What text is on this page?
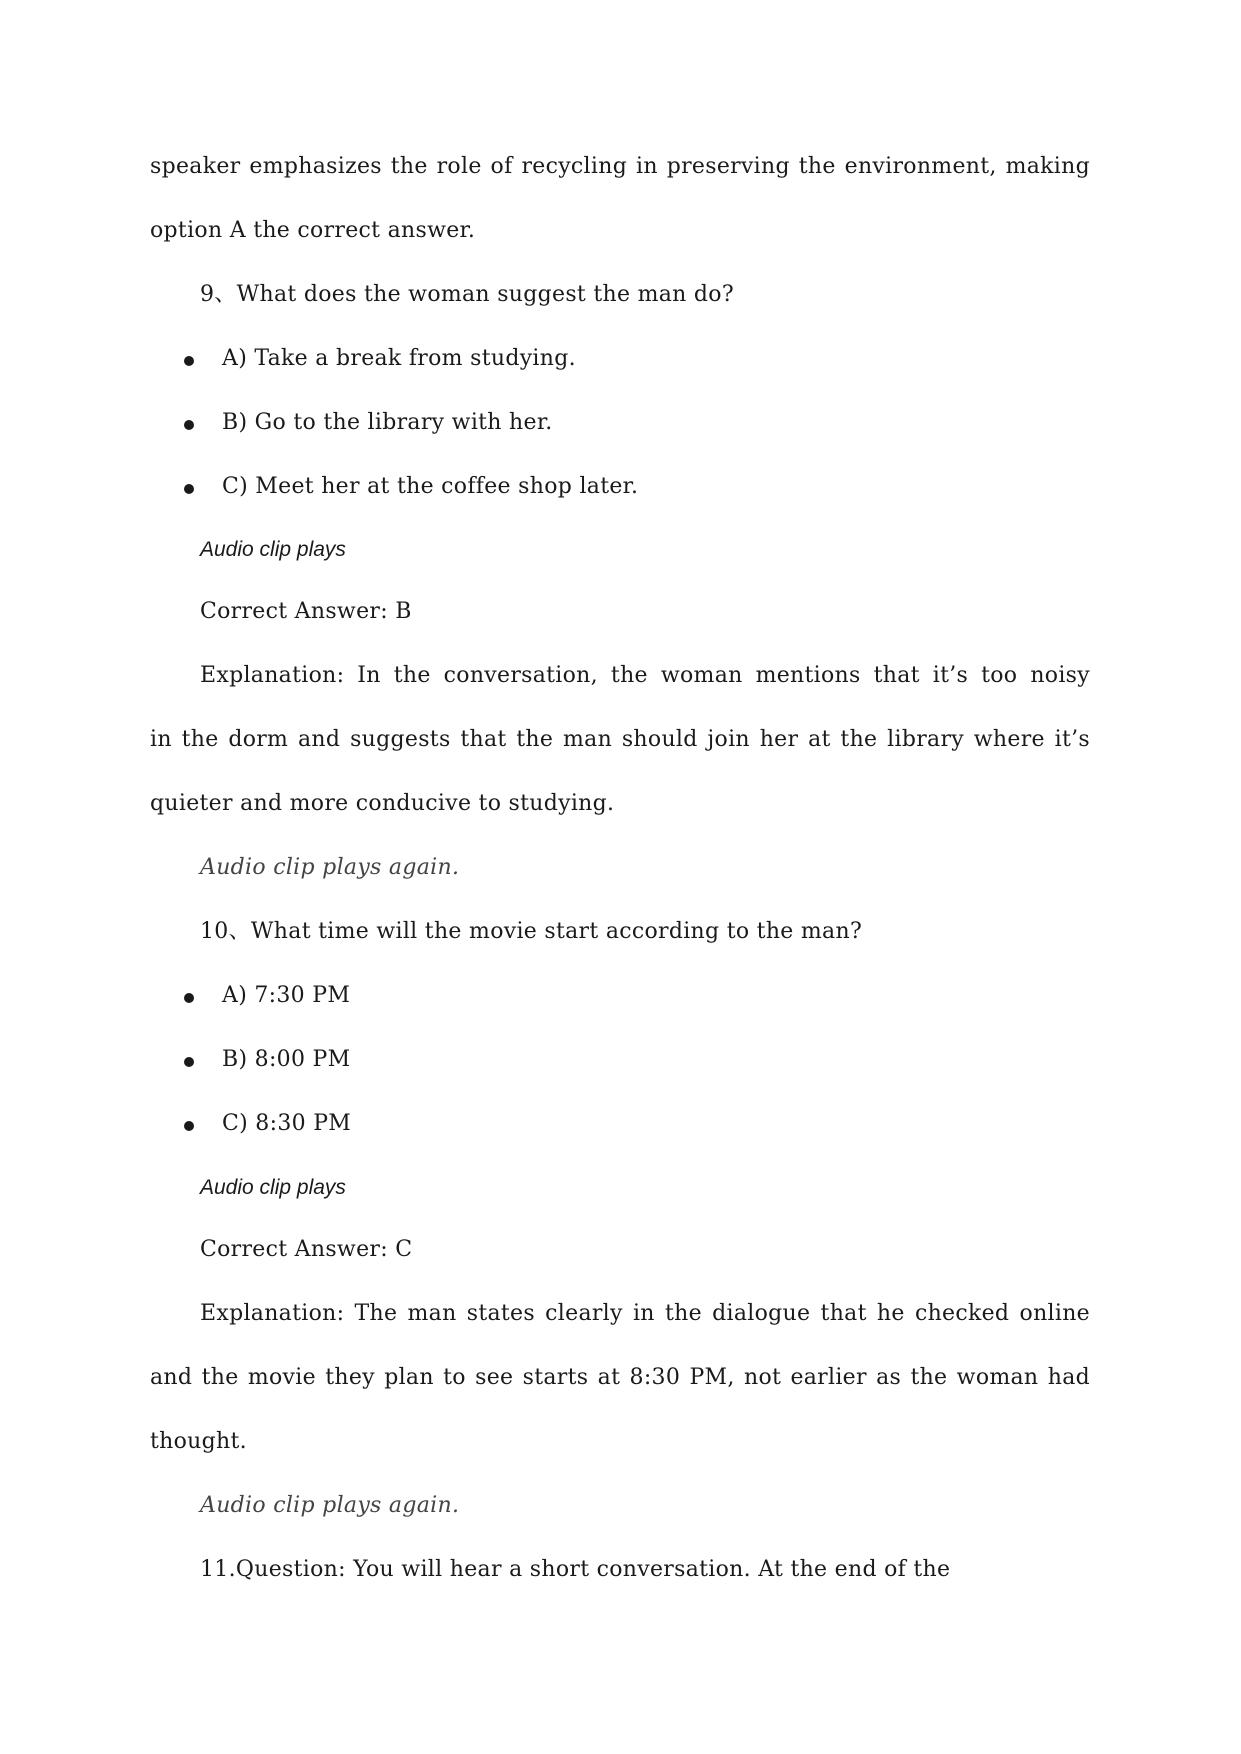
speaker emphasizes the role of recycling in preserving the environment, making
option A the correct answer.
9、What does the woman suggest the man do?
A) Take a break from studying.
B) Go to the library with her.
C) Meet her at the coffee shop later.
Audio clip plays
Correct Answer: B
Explanation: In the conversation, the woman mentions that it’s too noisy
in the dorm and suggests that the man should join her at the library where it’s
quieter and more conducive to studying.
Audio clip plays again.
10、What time will the movie start according to the man?
A) 7:30 PM
B) 8:00 PM
C) 8:30 PM
Audio clip plays
Correct Answer: C
Explanation: The man states clearly in the dialogue that he checked online
and the movie they plan to see starts at 8:30 PM, not earlier as the woman had
thought.
Audio clip plays again.
11.Question: You will hear a short conversation. At the end of the
